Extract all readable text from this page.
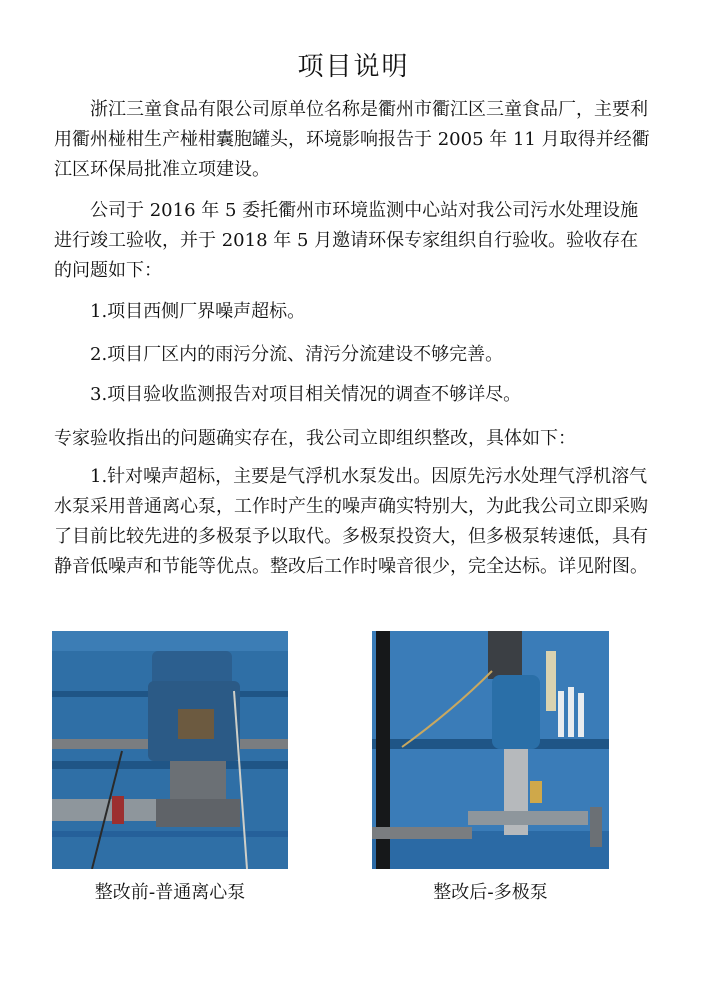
项目说明

浙江三童食品有限公司原单位名称是衢州市衢江区三童食品厂，主要利用衢州椪柑生产椪柑囊胞罐头，环境影响报告于 2005 年 11 月取得并经衢江区环保局批准立项建设。

公司于 2016 年 5 委托衢州市环境监测中心站对我公司污水处理设施进行竣工验收，并于 2018 年 5 月邀请环保专家组织自行验收。验收存在的问题如下：

1.项目西侧厂界噪声超标。

2.项目厂区内的雨污分流、清污分流建设不够完善。

3.项目验收监测报告对项目相关情况的调查不够详尽。

专家验收指出的问题确实存在，我公司立即组织整改，具体如下：

1.针对噪声超标，主要是气浮机水泵发出。因原先污水处理气浮机溶气水泵采用普通离心泵，工作时产生的噪声确实特别大，为此我公司立即采购了目前比较先进的多极泵予以取代。多极泵投资大，但多极泵转速低，具有静音低噪声和节能等优点。整改后工作时噪音很少，完全达标。详见附图。

整改前-普通离心泵	整改后-多极泵
